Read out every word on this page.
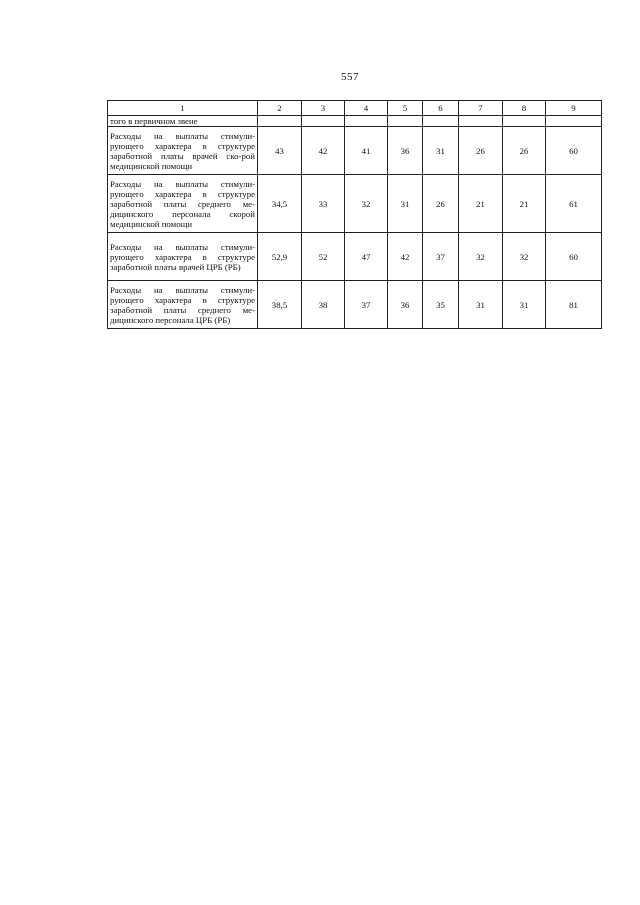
557
1	2	3	4	5	6	7	8	9
того в первичном звене								
Расходы на выплаты стимули-рующего характера в структуре заработной платы врачей ско-рой медицинской помощи	43	42	41	36	31	26	26	60
Расходы на выплаты стимули-рующего характера в структуре заработной платы среднего ме-дицинского персонала скорой медицинской помощи	34,5	33	32	31	26	21	21	61
Расходы на выплаты стимули-рующего характера в структуре заработной платы врачей ЦРБ (РБ)	52,9	52	47	42	37	32	32	60
Расходы на выплаты стимули-рующего характера в структуре заработной платы среднего ме-дицинского персонала ЦРБ (РБ)	38,5	38	37	36	35	31	31	81
